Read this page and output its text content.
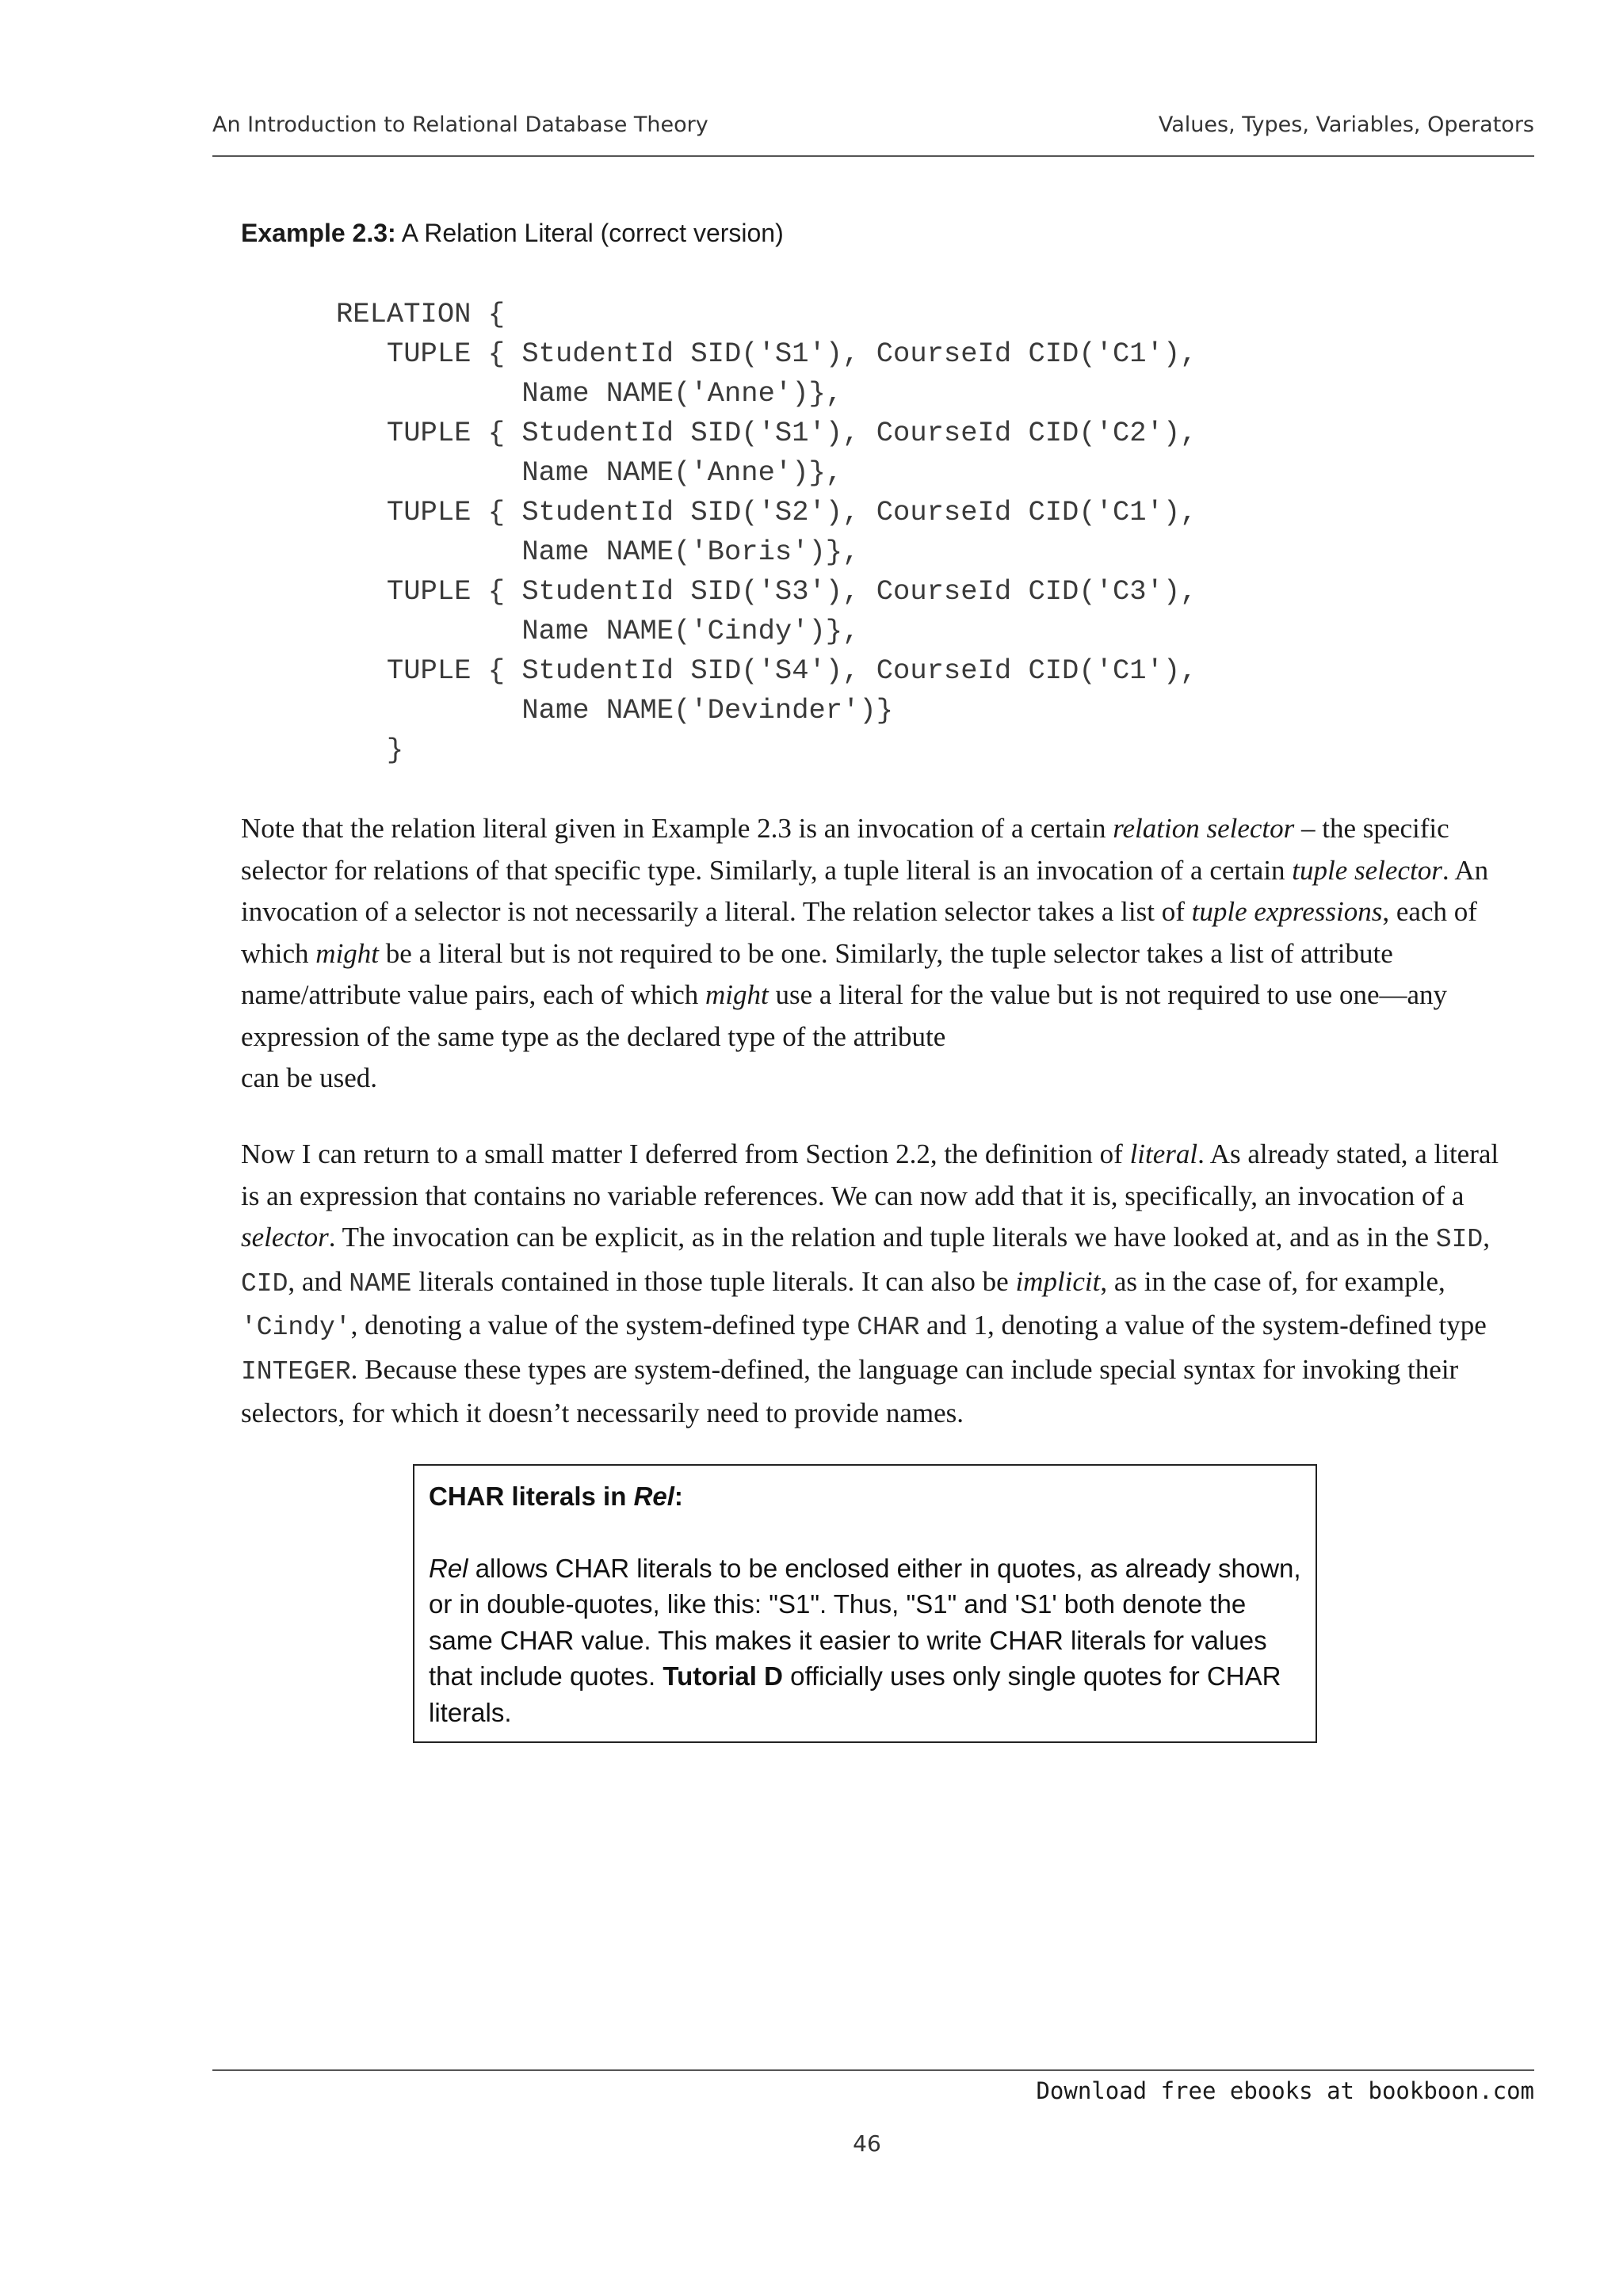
An Introduction to Relational Database Theory	Values, Types, Variables, Operators
Example 2.3: A Relation Literal (correct version)
RELATION {
TUPLE { StudentId SID('S1'), CourseId CID('C1'),
Name NAME('Anne')},
TUPLE { StudentId SID('S1'), CourseId CID('C2'),
Name NAME('Anne')},
TUPLE { StudentId SID('S2'), CourseId CID('C1'),
Name NAME('Boris')},
TUPLE { StudentId SID('S3'), CourseId CID('C3'),
Name NAME('Cindy')},
TUPLE { StudentId SID('S4'), CourseId CID('C1'),
Name NAME('Devinder')}
}
Note that the relation literal given in Example 2.3 is an invocation of a certain relation selector – the specific selector for relations of that specific type. Similarly, a tuple literal is an invocation of a certain tuple selector. An invocation of a selector is not necessarily a literal. The relation selector takes a list of tuple expressions, each of which might be a literal but is not required to be one. Similarly, the tuple selector takes a list of attribute name/attribute value pairs, each of which might use a literal for the value but is not required to use one—any expression of the same type as the declared type of the attribute
can be used.
Now I can return to a small matter I deferred from Section 2.2, the definition of literal. As already stated, a literal is an expression that contains no variable references. We can now add that it is, specifically, an invocation of a selector. The invocation can be explicit, as in the relation and tuple literals we have looked at, and as in the SID, CID, and NAME literals contained in those tuple literals. It can also be implicit, as in the case of, for example, 'Cindy', denoting a value of the system-defined type CHAR and 1, denoting a value of the system-defined type INTEGER. Because these types are system-defined, the language can include special syntax for invoking their selectors, for which it doesn’t necessarily need to provide names.
CHAR literals in Rel:
Rel allows CHAR literals to be enclosed either in quotes, as already shown, or in double-quotes, like this: "S1". Thus, "S1" and 'S1' both denote the same CHAR value. This makes it easier to write CHAR literals for values that include quotes. Tutorial D officially uses only single quotes for CHAR literals.
Download free ebooks at bookboon.com
46
